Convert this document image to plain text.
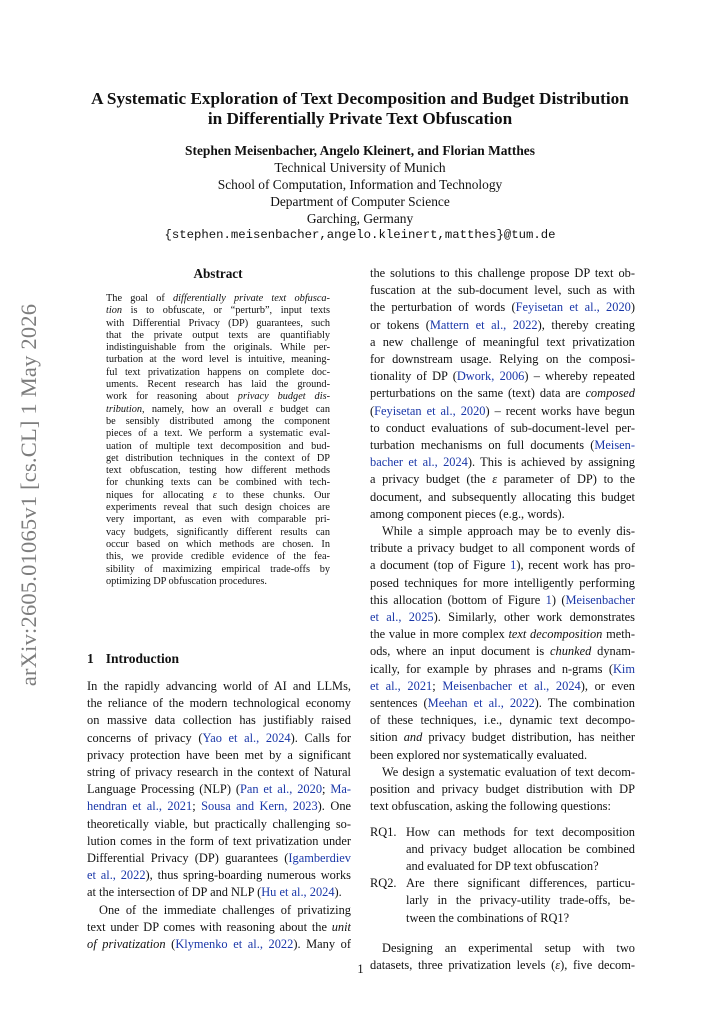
arXiv:2605.01065v1 [cs.CL] 1 May 2026
A Systematic Exploration of Text Decomposition and Budget Distribution
in Differentially Private Text Obfuscation
Stephen Meisenbacher, Angelo Kleinert, and Florian Matthes
Technical University of Munich
School of Computation, Information and Technology
Department of Computer Science
Garching, Germany
{stephen.meisenbacher,angelo.kleinert,matthes}@tum.de
Abstract
The goal of differentially private text obfusca-
tion is to obfuscate, or “perturb”, input texts
with Differential Privacy (DP) guarantees, such
that the private output texts are quantifiably
indistinguishable from the originals. While per-
turbation at the word level is intuitive, meaning-
ful text privatization happens on complete doc-
uments. Recent research has laid the ground-
work for reasoning about privacy budget dis-
tribution, namely, how an overall ε budget can
be sensibly distributed among the component
pieces of a text. We perform a systematic eval-
uation of multiple text decomposition and bud-
get distribution techniques in the context of DP
text obfuscation, testing how different methods
for chunking texts can be combined with tech-
niques for allocating ε to these chunks. Our
experiments reveal that such design choices are
very important, as even with comparable pri-
vacy budgets, significantly different results can
occur based on which methods are chosen. In
this, we provide credible evidence of the fea-
sibility of maximizing empirical trade-offs by
optimizing DP obfuscation procedures.
1 Introduction
In the rapidly advancing world of AI and LLMs,
the reliance of the modern technological economy
on massive data collection has justifiably raised
concerns of privacy (Yao et al., 2024). Calls for
privacy protection have been met by a significant
string of privacy research in the context of Natural
Language Processing (NLP) (Pan et al., 2020; Ma-
hendran et al., 2021; Sousa and Kern, 2023). One
theoretically viable, but practically challenging so-
lution comes in the form of text privatization under
Differential Privacy (DP) guarantees (Igamberdiev
et al., 2022), thus spring-boarding numerous works
at the intersection of DP and NLP (Hu et al., 2024).
One of the immediate challenges of privatizing
text under DP comes with reasoning about the unit
of privatization (Klymenko et al., 2022). Many of
the solutions to this challenge propose DP text ob-
fuscation at the sub-document level, such as with
the perturbation of words (Feyisetan et al., 2020)
or tokens (Mattern et al., 2022), thereby creating
a new challenge of meaningful text privatization
for downstream usage. Relying on the composi-
tionality of DP (Dwork, 2006) – whereby repeated
perturbations on the same (text) data are composed
(Feyisetan et al., 2020) – recent works have begun
to conduct evaluations of sub-document-level per-
turbation mechanisms on full documents (Meisen-
bacher et al., 2024). This is achieved by assigning
a privacy budget (the ε parameter of DP) to the
document, and subsequently allocating this budget
among component pieces (e.g., words).
While a simple approach may be to evenly dis-
tribute a privacy budget to all component words of
a document (top of Figure 1), recent work has pro-
posed techniques for more intelligently performing
this allocation (bottom of Figure 1) (Meisenbacher
et al., 2025). Similarly, other work demonstrates
the value in more complex text decomposition meth-
ods, where an input document is chunked dynam-
ically, for example by phrases and n-grams (Kim
et al., 2021; Meisenbacher et al., 2024), or even
sentences (Meehan et al., 2022). The combination
of these techniques, i.e., dynamic text decompo-
sition and privacy budget distribution, has neither
been explored nor systematically evaluated.
We design a systematic evaluation of text decom-
position and privacy budget distribution with DP
text obfuscation, asking the following questions:
RQ1. How can methods for text decomposition
and privacy budget allocation be combined
and evaluated for DP text obfuscation?
RQ2. Are there significant differences, particu-
larly in the privacy-utility trade-offs, be-
tween the combinations of RQ1?
Designing an experimental setup with two
datasets, three privatization levels (ε), five decom-
1
